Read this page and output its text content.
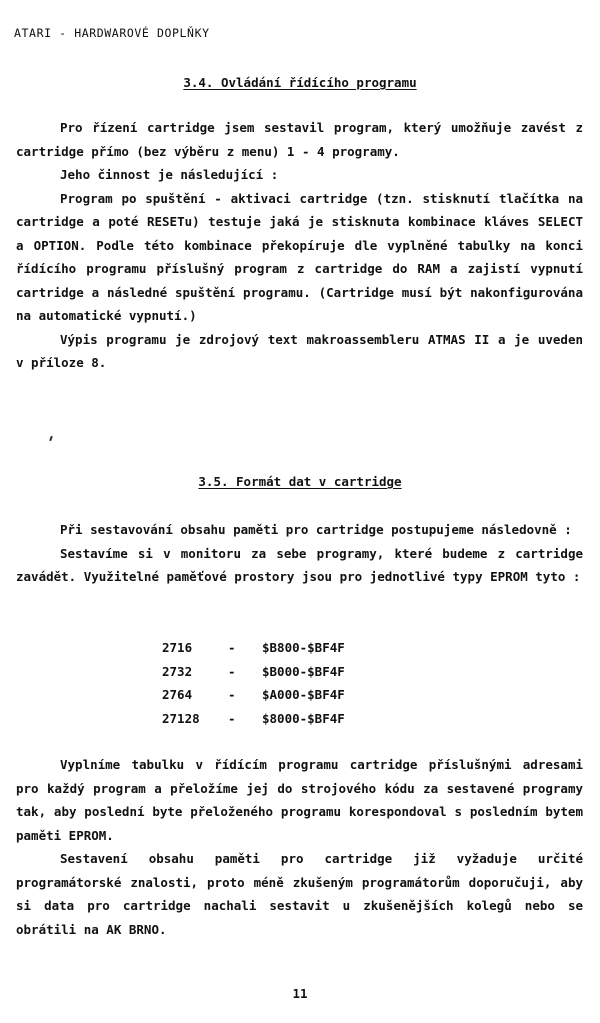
ATARI - HARDWAROVÉ DOPLŇKY
3.4. Ovládání řídícího programu

Pro řízení cartridge jsem sestavil program, který umožňuje zavést z cartridge přímo (bez výběru z menu) 1 - 4 programy.

Jeho činnost je následující :

Program po spuštění - aktivaci cartridge (tzn. stisknutí tlačítka na cartridge a poté RESETu) testuje jaká je stisknuta kombinace kláves SELECT a OPTION. Podle této kombinace překopíruje dle vyplněné tabulky na konci řídícího programu příslušný program z cartridge do RAM a zajistí vypnutí cartridge a následné spuštění programu. (Cartridge musí být nakonfigurována na automatické vypnutí.)

Výpis programu je zdrojový text makroassembleru ATMAS II a je uveden v příloze 8.

3.5. Formát dat v cartridge

Při sestavování obsahu paměti pro cartridge postupujeme následovně :

Sestavíme si v monitoru za sebe programy, které budeme z cartridge zavádět. Využitelné paměťové prostory jsou pro jednotlivé typy EPROM tyto :

2716	-	$B800-$BF4F
2732	-	$B000-$BF4F
2764	-	$A000-$BF4F
27128	-	$8000-$BF4F

Vyplníme tabulku v řídícím programu cartridge příslušnými adresami pro každý program a přeložíme jej do strojového kódu za sestavené programy tak, aby poslední byte přeloženého programu korespondoval s posledním bytem paměti EPROM.

Sestavení obsahu paměti pro cartridge již vyžaduje určité programátorské znalosti, proto méně zkušeným programátorům doporučuji, aby si data pro cartridge nachali sestavit u zkušenějších kolegů nebo se obrátili na AK BRNO.

11
